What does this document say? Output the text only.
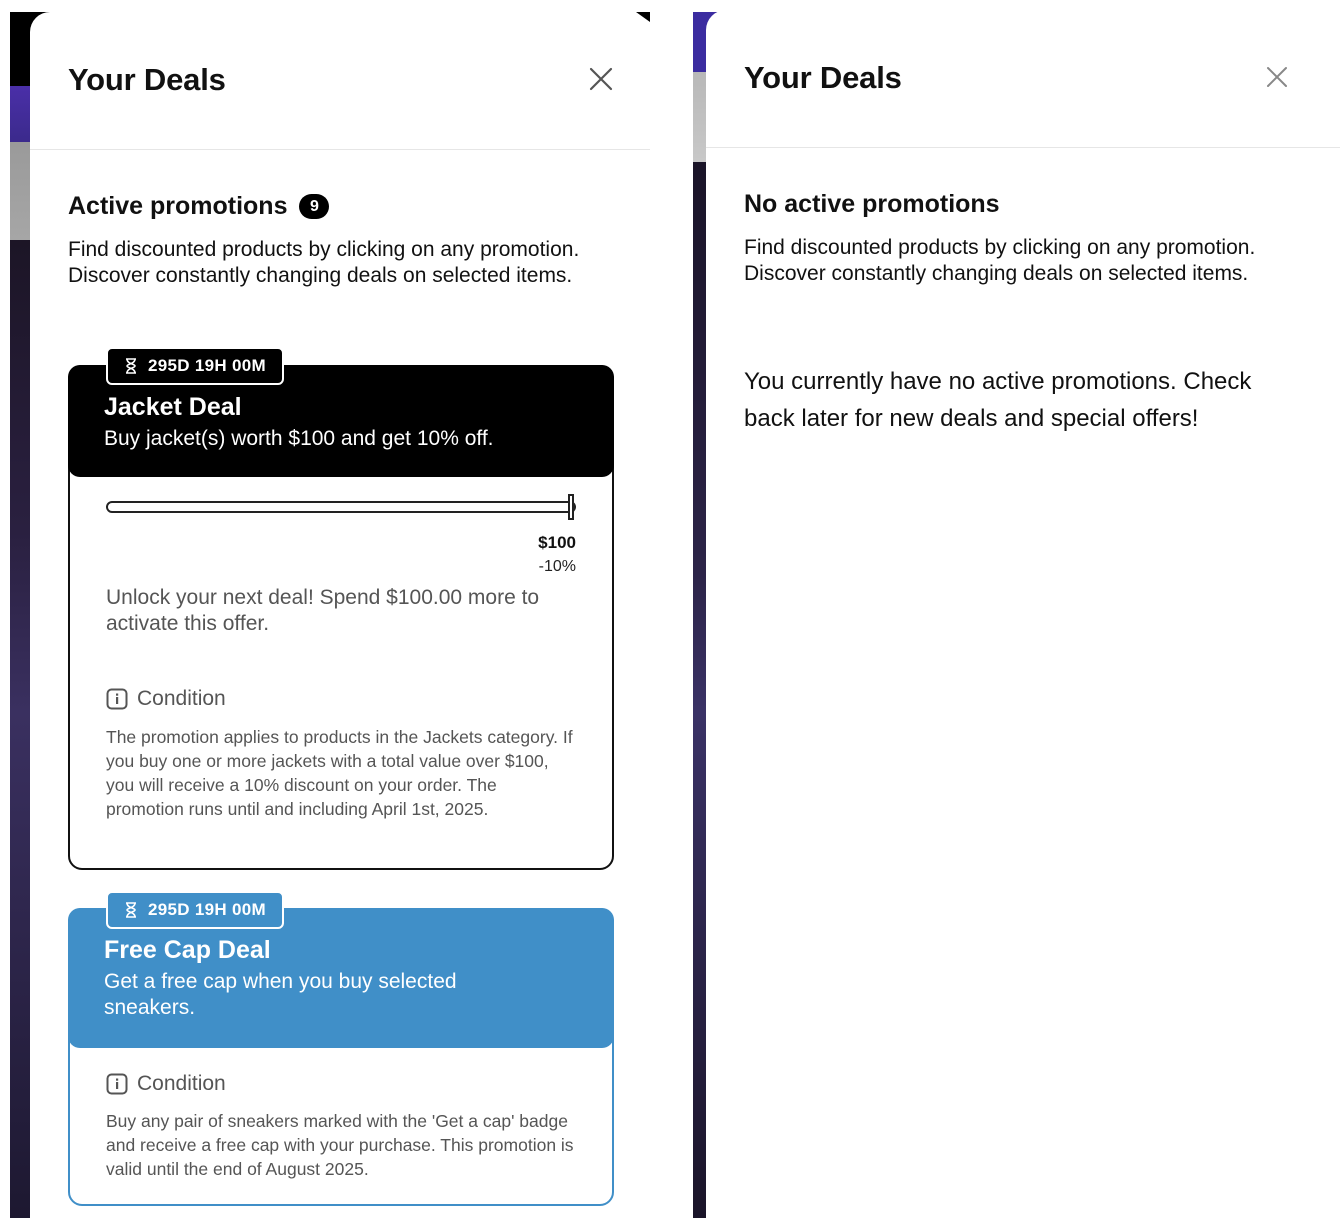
Your Deals
Active promotions	9
Find discounted products by clicking on any promotion. Discover constantly changing deals on selected items.
Jacket Deal
Buy jacket(s) worth $100 and get 10% off.
$100
-10%
Unlock your next deal! Spend $100.00 more to activate this offer.
Condition
The promotion applies to products in the Jackets category. If you buy one or more jackets with a total value over $100, you will receive a 10% discount on your order. The promotion runs until and including April 1st, 2025.
295D 19H 00M
Free Cap Deal
Get a free cap when you buy selected sneakers.
Condition
Buy any pair of sneakers marked with the 'Get a cap' badge and receive a free cap with your purchase. This promotion is valid until the end of August 2025.
295D 19H 00M
Your Deals
No active promotions
Find discounted products by clicking on any promotion. Discover constantly changing deals on selected items.
You currently have no active promotions. Check back later for new deals and special offers!
